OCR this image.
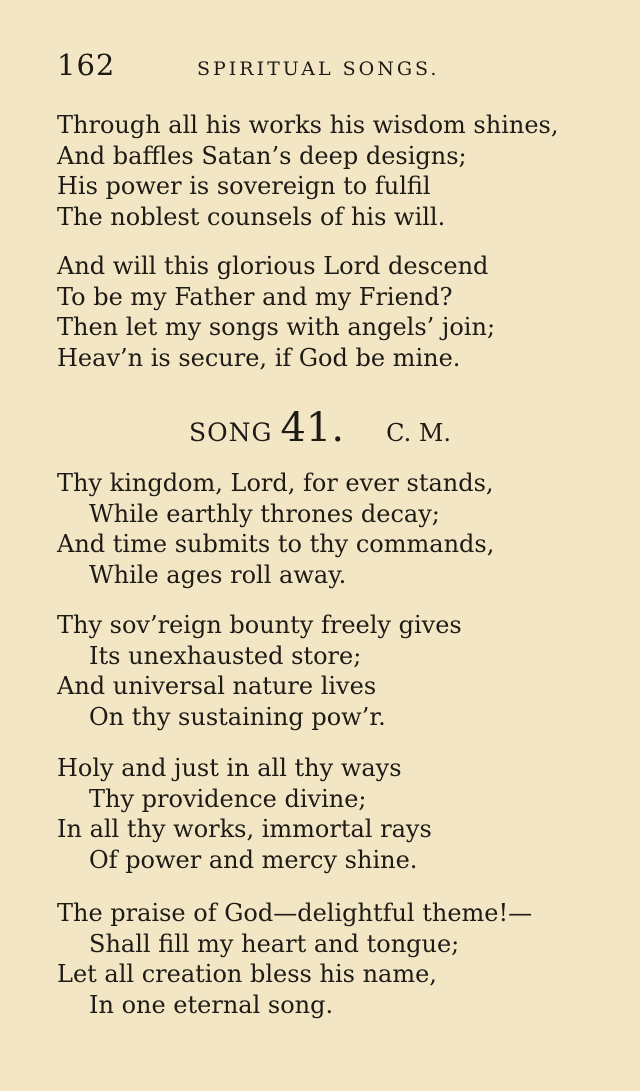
162	SPIRITUAL SONGS.
Through all his works his wisdom shines,
And baffles Satan’s deep designs;
His power is sovereign to fulfil
The noblest counsels of his will.
And will this glorious Lord descend
To be my Father and my Friend?
Then let my songs with angels’ join;
Heav’n is secure, if God be mine.
SONG 41. C. M.
Thy kingdom, Lord, for ever stands,
While earthly thrones decay;
And time submits to thy commands,
While ages roll away.
Thy sov’reign bounty freely gives
Its unexhausted store;
And universal nature lives
On thy sustaining pow’r.
Holy and just in all thy ways
Thy providence divine;
In all thy works, immortal rays
Of power and mercy shine.
The praise of God—delightful theme!—
Shall fill my heart and tongue;
Let all creation bless his name,
In one eternal song.
